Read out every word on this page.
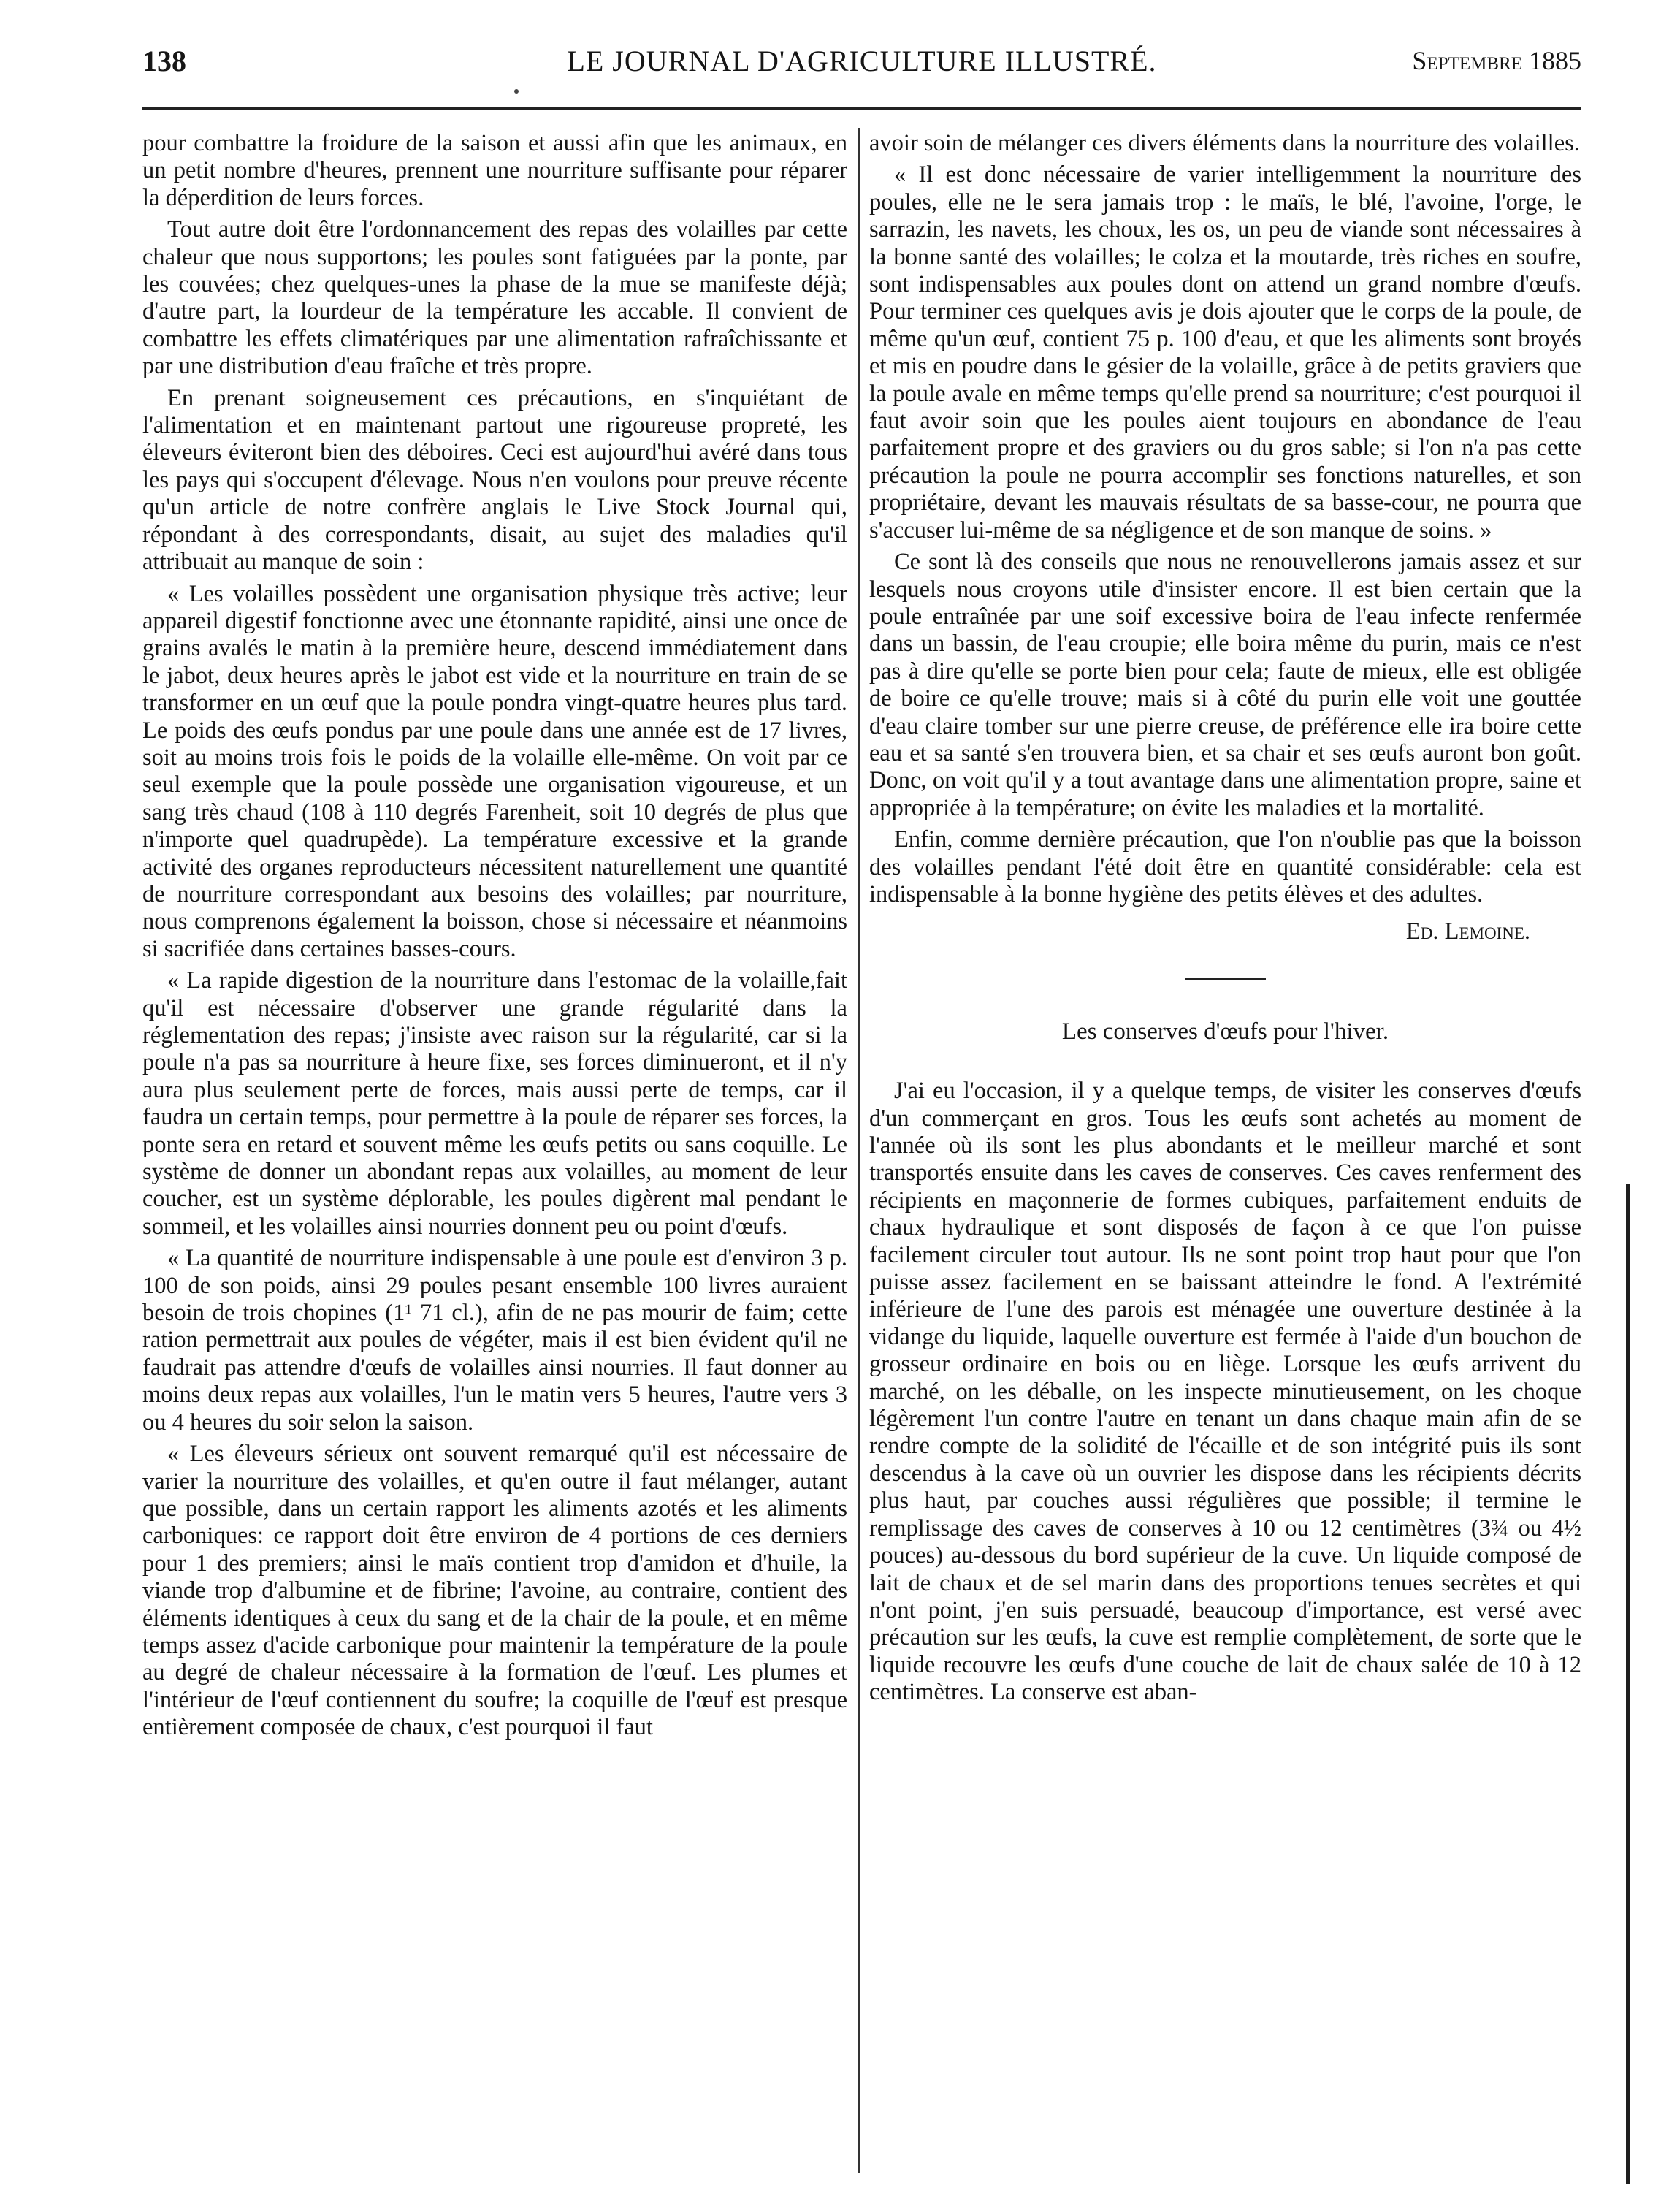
138	LE JOURNAL D'AGRICULTURE ILLUSTRÉ.	Septembre 1885

pour combattre la froidure de la saison et aussi afin que les animaux, en un petit nombre d'heures, prennent une nourriture suffisante pour réparer la déperdition de leurs forces.

Tout autre doit être l'ordonnancement des repas des volailles par cette chaleur que nous supportons; les poules sont fatiguées par la ponte, par les couvées; chez quelques-unes la phase de la mue se manifeste déjà; d'autre part, la lourdeur de la température les accable. Il convient de combattre les effets climatériques par une alimentation rafraîchissante et par une distribution d'eau fraîche et très propre.

En prenant soigneusement ces précautions, en s'inquiétant de l'alimentation et en maintenant partout une rigoureuse propreté, les éleveurs éviteront bien des déboires. Ceci est aujourd'hui avéré dans tous les pays qui s'occupent d'élevage. Nous n'en voulons pour preuve récente qu'un article de notre confrère anglais le Live Stock Journal qui, répondant à des correspondants, disait, au sujet des maladies qu'il attribuait au manque de soin :

« Les volailles possèdent une organisation physique très active; leur appareil digestif fonctionne avec une étonnante rapidité, ainsi une once de grains avalés le matin à la première heure, descend immédiatement dans le jabot, deux heures après le jabot est vide et la nourriture en train de se transformer en un œuf que la poule pondra vingt-quatre heures plus tard. Le poids des œufs pondus par une poule dans une année est de 17 livres, soit au moins trois fois le poids de la volaille elle-même. On voit par ce seul exemple que la poule possède une organisation vigoureuse, et un sang très chaud (108 à 110 degrés Farenheit, soit 10 degrés de plus que n'importe quel quadrupède). La température excessive et la grande activité des organes reproducteurs nécessitent naturellement une quantité de nourriture correspondant aux besoins des volailles; par nourriture, nous comprenons également la boisson, chose si nécessaire et néanmoins si sacrifiée dans certaines basses-cours.

« La rapide digestion de la nourriture dans l'estomac de la volaille,fait qu'il est nécessaire d'observer une grande régularité dans la réglementation des repas; j'insiste avec raison sur la régularité, car si la poule n'a pas sa nourriture à heure fixe, ses forces diminueront, et il n'y aura plus seulement perte de forces, mais aussi perte de temps, car il faudra un certain temps, pour permettre à la poule de réparer ses forces, la ponte sera en retard et souvent même les œufs petits ou sans coquille. Le système de donner un abondant repas aux volailles, au moment de leur coucher, est un système déplorable, les poules digèrent mal pendant le sommeil, et les volailles ainsi nourries donnent peu ou point d'œufs.

« La quantité de nourriture indispensable à une poule est d'environ 3 p. 100 de son poids, ainsi 29 poules pesant ensemble 100 livres auraient besoin de trois chopines (1¹ 71 cl.), afin de ne pas mourir de faim; cette ration permettrait aux poules de végéter, mais il est bien évident qu'il ne faudrait pas attendre d'œufs de volailles ainsi nourries. Il faut donner au moins deux repas aux volailles, l'un le matin vers 5 heures, l'autre vers 3 ou 4 heures du soir selon la saison.

« Les éleveurs sérieux ont souvent remarqué qu'il est nécessaire de varier la nourriture des volailles, et qu'en outre il faut mélanger, autant que possible, dans un certain rapport les aliments azotés et les aliments carboniques: ce rapport doit être environ de 4 portions de ces derniers pour 1 des premiers; ainsi le maïs contient trop d'amidon et d'huile, la viande trop d'albumine et de fibrine; l'avoine, au contraire, contient des éléments identiques à ceux du sang et de la chair de la poule, et en même temps assez d'acide carbonique pour maintenir la température de la poule au degré de chaleur nécessaire à la formation de l'œuf. Les plumes et l'intérieur de l'œuf contiennent du soufre; la coquille de l'œuf est presque entièrement composée de chaux, c'est pourquoi il faut

avoir soin de mélanger ces divers éléments dans la nourriture des volailles.

« Il est donc nécessaire de varier intelligemment la nourriture des poules, elle ne le sera jamais trop : le maïs, le blé, l'avoine, l'orge, le sarrazin, les navets, les choux, les os, un peu de viande sont nécessaires à la bonne santé des volailles; le colza et la moutarde, très riches en soufre, sont indispensables aux poules dont on attend un grand nombre d'œufs. Pour terminer ces quelques avis je dois ajouter que le corps de la poule, de même qu'un œuf, contient 75 p. 100 d'eau, et que les aliments sont broyés et mis en poudre dans le gésier de la volaille, grâce à de petits graviers que la poule avale en même temps qu'elle prend sa nourriture; c'est pourquoi il faut avoir soin que les poules aient toujours en abondance de l'eau parfaitement propre et des graviers ou du gros sable; si l'on n'a pas cette précaution la poule ne pourra accomplir ses fonctions naturelles, et son propriétaire, devant les mauvais résultats de sa basse-cour, ne pourra que s'accuser lui-même de sa négligence et de son manque de soins. »

Ce sont là des conseils que nous ne renouvellerons jamais assez et sur lesquels nous croyons utile d'insister encore. Il est bien certain que la poule entraînée par une soif excessive boira de l'eau infecte renfermée dans un bassin, de l'eau croupie; elle boira même du purin, mais ce n'est pas à dire qu'elle se porte bien pour cela; faute de mieux, elle est obligée de boire ce qu'elle trouve; mais si à côté du purin elle voit une gouttée d'eau claire tomber sur une pierre creuse, de préférence elle ira boire cette eau et sa santé s'en trouvera bien, et sa chair et ses œufs auront bon goût. Donc, on voit qu'il y a tout avantage dans une alimentation propre, saine et appropriée à la température; on évite les maladies et la mortalité.

Enfin, comme dernière précaution, que l'on n'oublie pas que la boisson des volailles pendant l'été doit être en quantité considérable: cela est indispensable à la bonne hygiène des petits élèves et des adultes.

Ed. Lemoine.
Les conserves d'œufs pour l'hiver.

J'ai eu l'occasion, il y a quelque temps, de visiter les conserves d'œufs d'un commerçant en gros. Tous les œufs sont achetés au moment de l'année où ils sont les plus abondants et le meilleur marché et sont transportés ensuite dans les caves de conserves. Ces caves renferment des récipients en maçonnerie de formes cubiques, parfaitement enduits de chaux hydraulique et sont disposés de façon à ce que l'on puisse facilement circuler tout autour. Ils ne sont point trop haut pour que l'on puisse assez facilement en se baissant atteindre le fond. A l'extrémité inférieure de l'une des parois est ménagée une ouverture destinée à la vidange du liquide, laquelle ouverture est fermée à l'aide d'un bouchon de grosseur ordinaire en bois ou en liège. Lorsque les œufs arrivent du marché, on les déballe, on les inspecte minutieusement, on les choque légèrement l'un contre l'autre en tenant un dans chaque main afin de se rendre compte de la solidité de l'écaille et de son intégrité puis ils sont descendus à la cave où un ouvrier les dispose dans les récipients décrits plus haut, par couches aussi régulières que possible; il termine le remplissage des caves de conserves à 10 ou 12 centimètres (3¾ ou 4½ pouces) au-dessous du bord supérieur de la cuve. Un liquide composé de lait de chaux et de sel marin dans des proportions tenues secrètes et qui n'ont point, j'en suis persuadé, beaucoup d'importance, est versé avec précaution sur les œufs, la cuve est remplie complètement, de sorte que le liquide recouvre les œufs d'une couche de lait de chaux salée de 10 à 12 centimètres. La conserve est aban-
